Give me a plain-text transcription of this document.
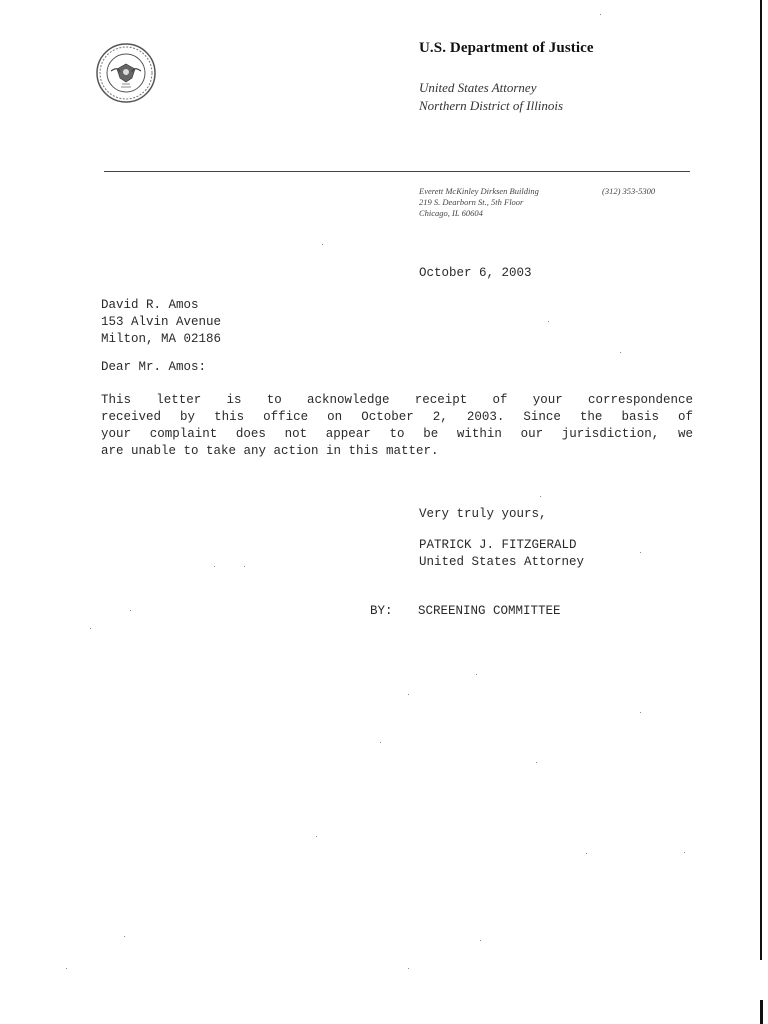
U.S. Department of Justice
United States Attorney
Northern District of Illinois
Everett McKinley Dirksen Building
219 S. Dearborn St., 5th Floor
Chicago, IL 60604
(312) 353-5300
October 6, 2003
David R. Amos
153 Alvin Avenue
Milton, MA 02186
Dear Mr. Amos:
This letter is to acknowledge receipt of your correspondence
received by this office on October 2, 2003. Since the basis of
your complaint does not appear to be within our jurisdiction, we
are unable to take any action in this matter.
Very truly yours,
PATRICK J. FITZGERALD
United States Attorney
BY: SCREENING COMMITTEE
